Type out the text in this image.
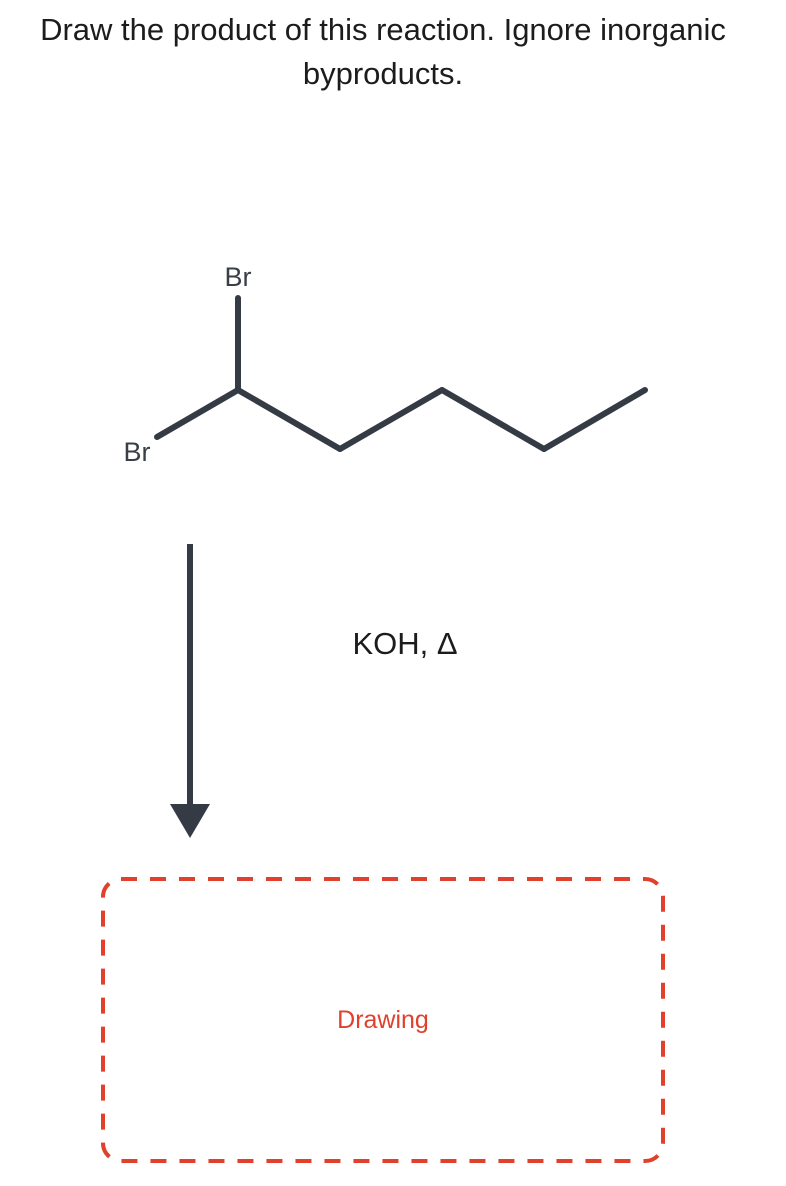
Draw the product of this reaction. Ignore inorganic byproducts.
Br
Br
KOH, Δ
Drawing
